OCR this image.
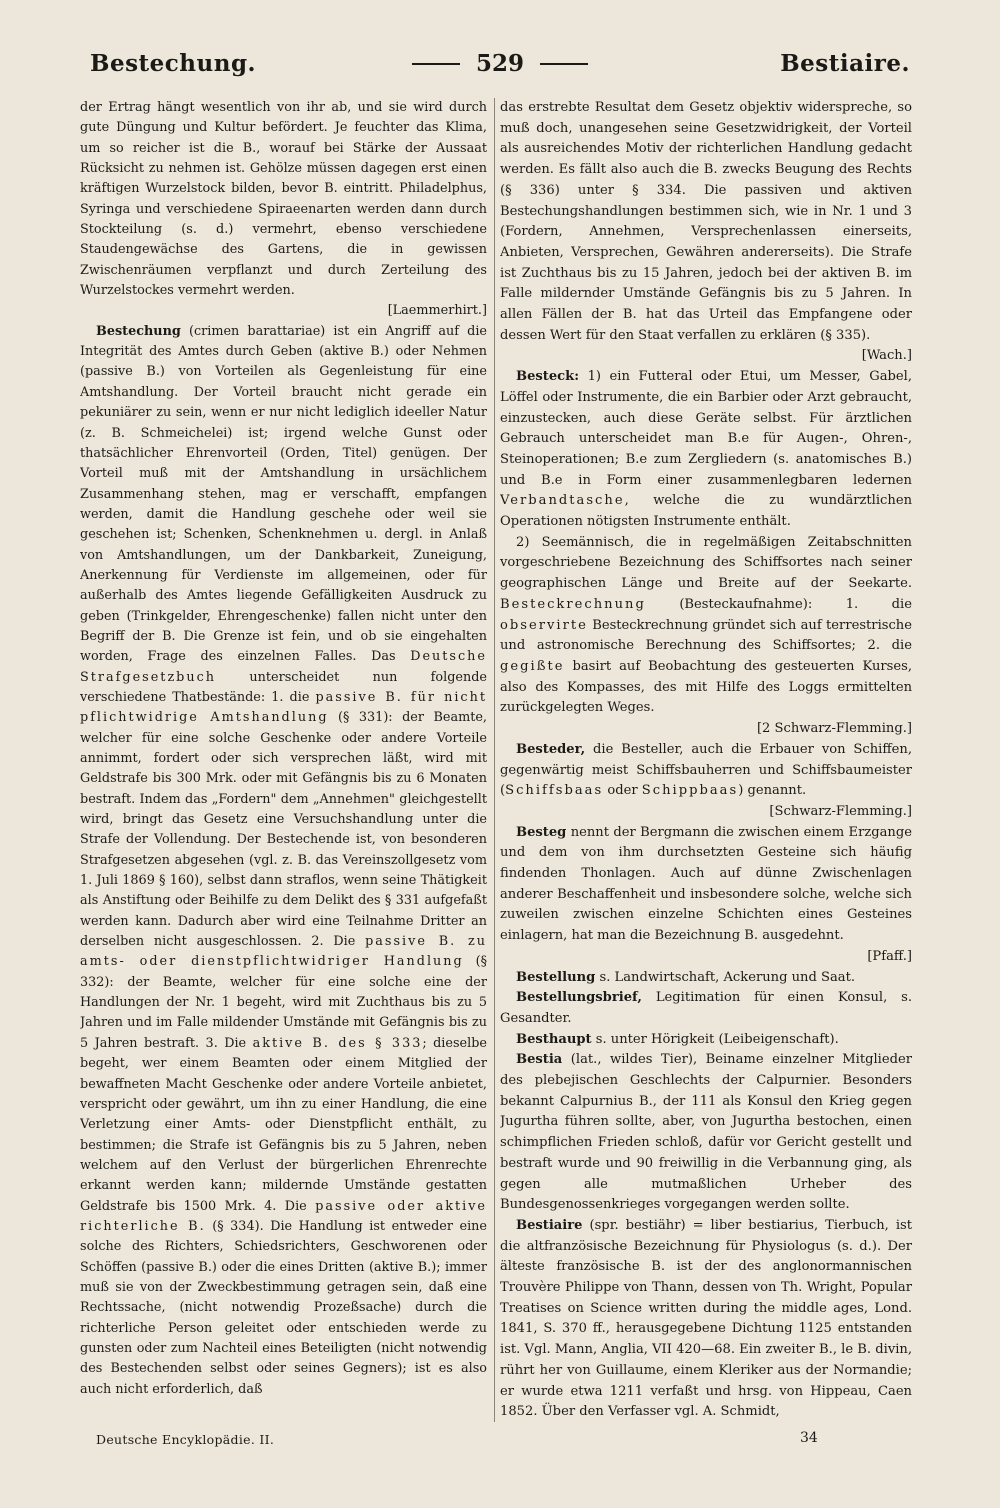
Bestechung.	529	Bestiaire.

der Ertrag hängt wesentlich von ihr ab, und sie wird durch gute Düngung und Kultur befördert. Je feuchter das Klima, um so reicher ist die B., worauf bei Stärke der Aussaat Rücksicht zu nehmen ist. Gehölze müssen dagegen erst einen kräftigen Wurzelstock bilden, bevor B. eintritt. Philadelphus, Syringa und verschiedene Spiraeenarten werden dann durch Stockteilung (s. d.) vermehrt, ebenso verschiedene Staudengewächse des Gartens, die in gewissen Zwischenräumen verpflanzt und durch Zerteilung des Wurzelstockes vermehrt werden.
[Laemmerhirt.]

Bestechung (crimen barattariae) ist ein Angriff auf die Integrität des Amtes durch Geben (aktive B.) oder Nehmen (passive B.) von Vorteilen als Gegenleistung für eine Amtshandlung. Der Vorteil braucht nicht gerade ein pekuniärer zu sein, wenn er nur nicht lediglich ideeller Natur (z. B. Schmeichelei) ist; irgend welche Gunst oder thatsächlicher Ehrenvorteil (Orden, Titel) genügen. Der Vorteil muß mit der Amtshandlung in ursächlichem Zusammenhang stehen, mag er verschafft, empfangen werden, damit die Handlung geschehe oder weil sie geschehen ist; Schenken, Schenknehmen u. dergl. in Anlaß von Amtshandlungen, um der Dankbarkeit, Zuneigung, Anerkennung für Verdienste im allgemeinen, oder für außerhalb des Amtes liegende Gefälligkeiten Ausdruck zu geben (Trinkgelder, Ehrengeschenke) fallen nicht unter den Begriff der B. Die Grenze ist fein, und ob sie eingehalten worden, Frage des einzelnen Falles. Das Deutsche Strafgesetzbuch	unterscheidet nun folgende verschiedene Thatbestände: 1. die passive B. für nicht pflichtwidrige Amtshandlung (§ 331): der Beamte, welcher für eine solche Geschenke oder andere Vorteile annimmt, fordert oder sich versprechen läßt, wird mit Geldstrafe bis 300 Mrk. oder mit Gefängnis bis zu 6 Monaten bestraft. Indem das „Fordern" dem „Annehmen" gleichgestellt wird, bringt das Gesetz eine Versuchshandlung unter die Strafe der Vollendung. Der Bestechende ist, von besonderen Strafgesetzen abgesehen (vgl. z. B. das Vereinszollgesetz vom 1. Juli 1869 § 160), selbst dann straflos, wenn seine Thätigkeit als Anstiftung oder Beihilfe zu dem Delikt des § 331 aufgefaßt werden kann. Dadurch aber wird eine Teilnahme Dritter an derselben nicht ausgeschlossen. 2. Die passive B. zu amts- oder dienstpflichtwidriger Handlung (§ 332): der Beamte, welcher für eine solche eine der Handlungen der Nr. 1 begeht, wird mit Zuchthaus bis zu 5 Jahren und im Falle mildender Umstände mit Gefängnis bis zu 5 Jahren bestraft. 3. Die aktive B. des § 333; dieselbe begeht, wer einem Beamten oder einem Mitglied der bewaffneten Macht Geschenke oder andere Vorteile anbietet, verspricht oder gewährt, um ihn zu einer Handlung, die eine Verletzung einer Amts- oder Dienstpflicht enthält, zu bestimmen; die Strafe ist Gefängnis bis zu 5 Jahren, neben welchem auf den Verlust der bürgerlichen Ehrenrechte erkannt werden kann; mildernde Umstände gestatten Geldstrafe bis 1500 Mrk. 4. Die passive oder aktive richterliche B. (§ 334). Die Handlung ist entweder eine solche des Richters, Schiedsrichters, Geschworenen oder Schöffen (passive B.) oder die eines Dritten (aktive B.); immer muß sie von der Zweckbestimmung getragen sein, daß eine Rechtssache, (nicht notwendig Prozeßsache) durch die richterliche Person geleitet oder entschieden werde zu gunsten oder zum Nachteil eines Beteiligten (nicht notwendig des Bestechenden selbst oder seines Gegners); ist es also auch nicht erforderlich, daß

das erstrebte Resultat dem Gesetz objektiv widerspreche, so muß doch, unangesehen seine Gesetzwidrigkeit, der Vorteil als ausreichendes Motiv der richterlichen Handlung gedacht werden. Es fällt also auch die B. zwecks Beugung des Rechts (§ 336) unter § 334. Die passiven und aktiven Bestechungshandlungen bestimmen sich, wie in Nr. 1 und 3 (Fordern, Annehmen, Versprechenlassen einerseits, Anbieten, Versprechen, Gewähren andererseits). Die Strafe ist Zuchthaus bis zu 15 Jahren, jedoch bei der aktiven B. im Falle mildernder Umstände Gefängnis bis zu 5 Jahren. In allen Fällen der B. hat das Urteil das Empfangene oder dessen Wert für den Staat verfallen zu erklären (§ 335).
[Wach.]

Besteck: 1) ein Futteral oder Etui, um Messer, Gabel, Löffel oder Instrumente, die ein Barbier oder Arzt gebraucht, einzustecken, auch diese Geräte selbst. Für ärztlichen Gebrauch unterscheidet man B.e für Augen-, Ohren-, Steinoperationen; B.e zum Zergliedern (s. anatomisches B.) und B.e in Form einer zusammenlegbaren ledernen Verbandtasche, welche die zu wundärztlichen Operationen nötigsten Instrumente enthält.

2) Seemännisch, die in regelmäßigen Zeitabschnitten vorgeschriebene Bezeichnung des Schiffsortes nach seiner geographischen Länge und Breite auf der Seekarte. Besteckrechnung	(Besteckaufnahme): 1. die observirte Besteckrechnung gründet sich auf terrestrische und astronomische Berechnung des Schiffsortes; 2. die gegißte basirt auf Beobachtung des gesteuerten Kurses, also des Kompasses, des mit Hilfe des Loggs ermittelten zurückgelegten Weges.
[2 Schwarz-Flemming.]

Besteder, die Besteller, auch die Erbauer von Schiffen, gegenwärtig meist Schiffsbauherren und Schiffsbaumeister (Schiffsbaas oder Schippbaas) genannt.
[Schwarz-Flemming.]

Besteg nennt der Bergmann die zwischen einem Erzgange und dem von ihm durchsetzten Gesteine sich häufig findenden Thonlagen. Auch auf dünne Zwischenlagen anderer Beschaffenheit und insbesondere solche, welche sich zuweilen zwischen einzelne Schichten eines Gesteines einlagern, hat man die Bezeichnung B. ausgedehnt.
[Pfaff.]

Bestellung s. Landwirtschaft, Ackerung und Saat.

Bestellungsbrief, Legitimation für einen Konsul, s. Gesandter.

Besthaupt s. unter Hörigkeit (Leibeigenschaft).

Bestia (lat., wildes Tier), Beiname einzelner Mitglieder des plebejischen Geschlechts der Calpurnier. Besonders bekannt Calpurnius B., der 111 als Konsul den Krieg gegen Jugurtha führen sollte, aber, von Jugurtha bestochen, einen schimpflichen Frieden schloß, dafür vor Gericht gestellt und bestraft wurde und 90 freiwillig in die Verbannung ging, als gegen alle mutmaßlichen Urheber des Bundesgenossenkrieges vorgegangen werden sollte.

Bestiaire (spr. bestiähr) = liber bestiarius, Tierbuch, ist die altfranzösische Bezeichnung für Physiologus (s. d.). Der älteste französische B. ist der des anglonormannischen Trouvère Philippe von Thann, dessen von Th. Wright, Popular Treatises on Science written during the middle ages, Lond. 1841, S. 370 ff., herausgegebene Dichtung 1125 entstanden ist. Vgl. Mann, Anglia, VII 420—68. Ein zweiter B., le B. divin, rührt her von Guillaume, einem Kleriker aus der Normandie; er wurde etwa 1211 verfaßt und hrsg. von Hippeau, Caen 1852. Über den Verfasser vgl. A. Schmidt,

Deutsche Encyklopädie. II.	34
